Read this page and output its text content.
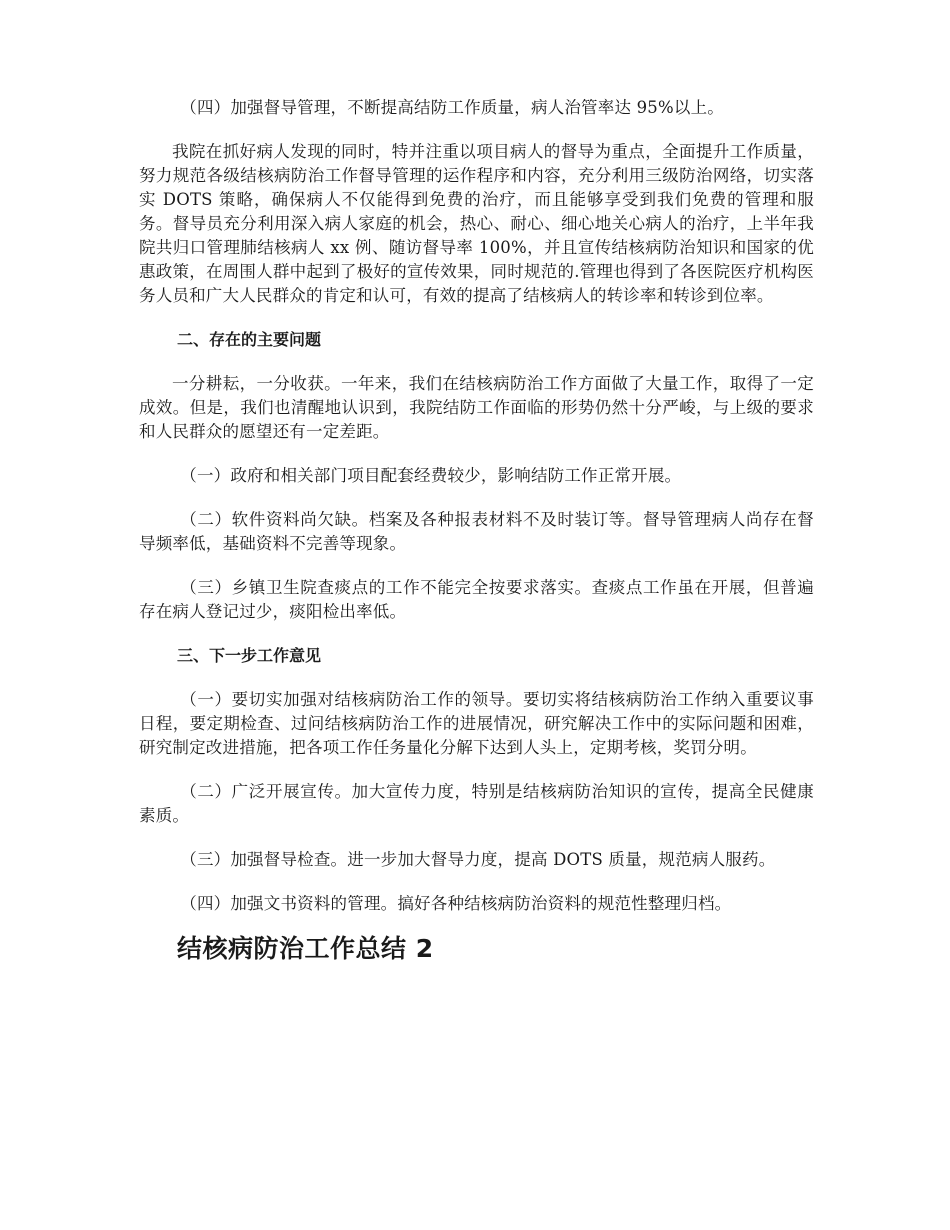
（四）加强督导管理，不断提高结防工作质量，病人治管率达 95%以上。

我院在抓好病人发现的同时，特并注重以项目病人的督导为重点，全面提升工作质量，努力规范各级结核病防治工作督导管理的运作程序和内容，充分利用三级防治网络，切实落实 DOTS 策略，确保病人不仅能得到免费的治疗，而且能够享受到我们免费的管理和服务。督导员充分利用深入病人家庭的机会，热心、耐心、细心地关心病人的治疗，上半年我院共归口管理肺结核病人 xx 例、随访督导率 100%，并且宣传结核病防治知识和国家的优惠政策，在周围人群中起到了极好的宣传效果，同时规范的.管理也得到了各医院医疗机构医务人员和广大人民群众的肯定和认可，有效的提高了结核病人的转诊率和转诊到位率。

二、存在的主要问题

一分耕耘，一分收获。一年来，我们在结核病防治工作方面做了大量工作，取得了一定成效。但是，我们也清醒地认识到，我院结防工作面临的形势仍然十分严峻，与上级的要求和人民群众的愿望还有一定差距。

（一）政府和相关部门项目配套经费较少，影响结防工作正常开展。

（二）软件资料尚欠缺。档案及各种报表材料不及时装订等。督导管理病人尚存在督导频率低，基础资料不完善等现象。

（三）乡镇卫生院查痰点的工作不能完全按要求落实。查痰点工作虽在开展，但普遍存在病人登记过少，痰阳检出率低。

三、下一步工作意见

（一）要切实加强对结核病防治工作的领导。要切实将结核病防治工作纳入重要议事日程，要定期检查、过问结核病防治工作的进展情况，研究解决工作中的实际问题和困难，研究制定改进措施，把各项工作任务量化分解下达到人头上，定期考核，奖罚分明。

（二）广泛开展宣传。加大宣传力度，特别是结核病防治知识的宣传，提高全民健康素质。

（三）加强督导检查。进一步加大督导力度，提高 DOTS 质量，规范病人服药。

（四）加强文书资料的管理。搞好各种结核病防治资料的规范性整理归档。

结核病防治工作总结 2
